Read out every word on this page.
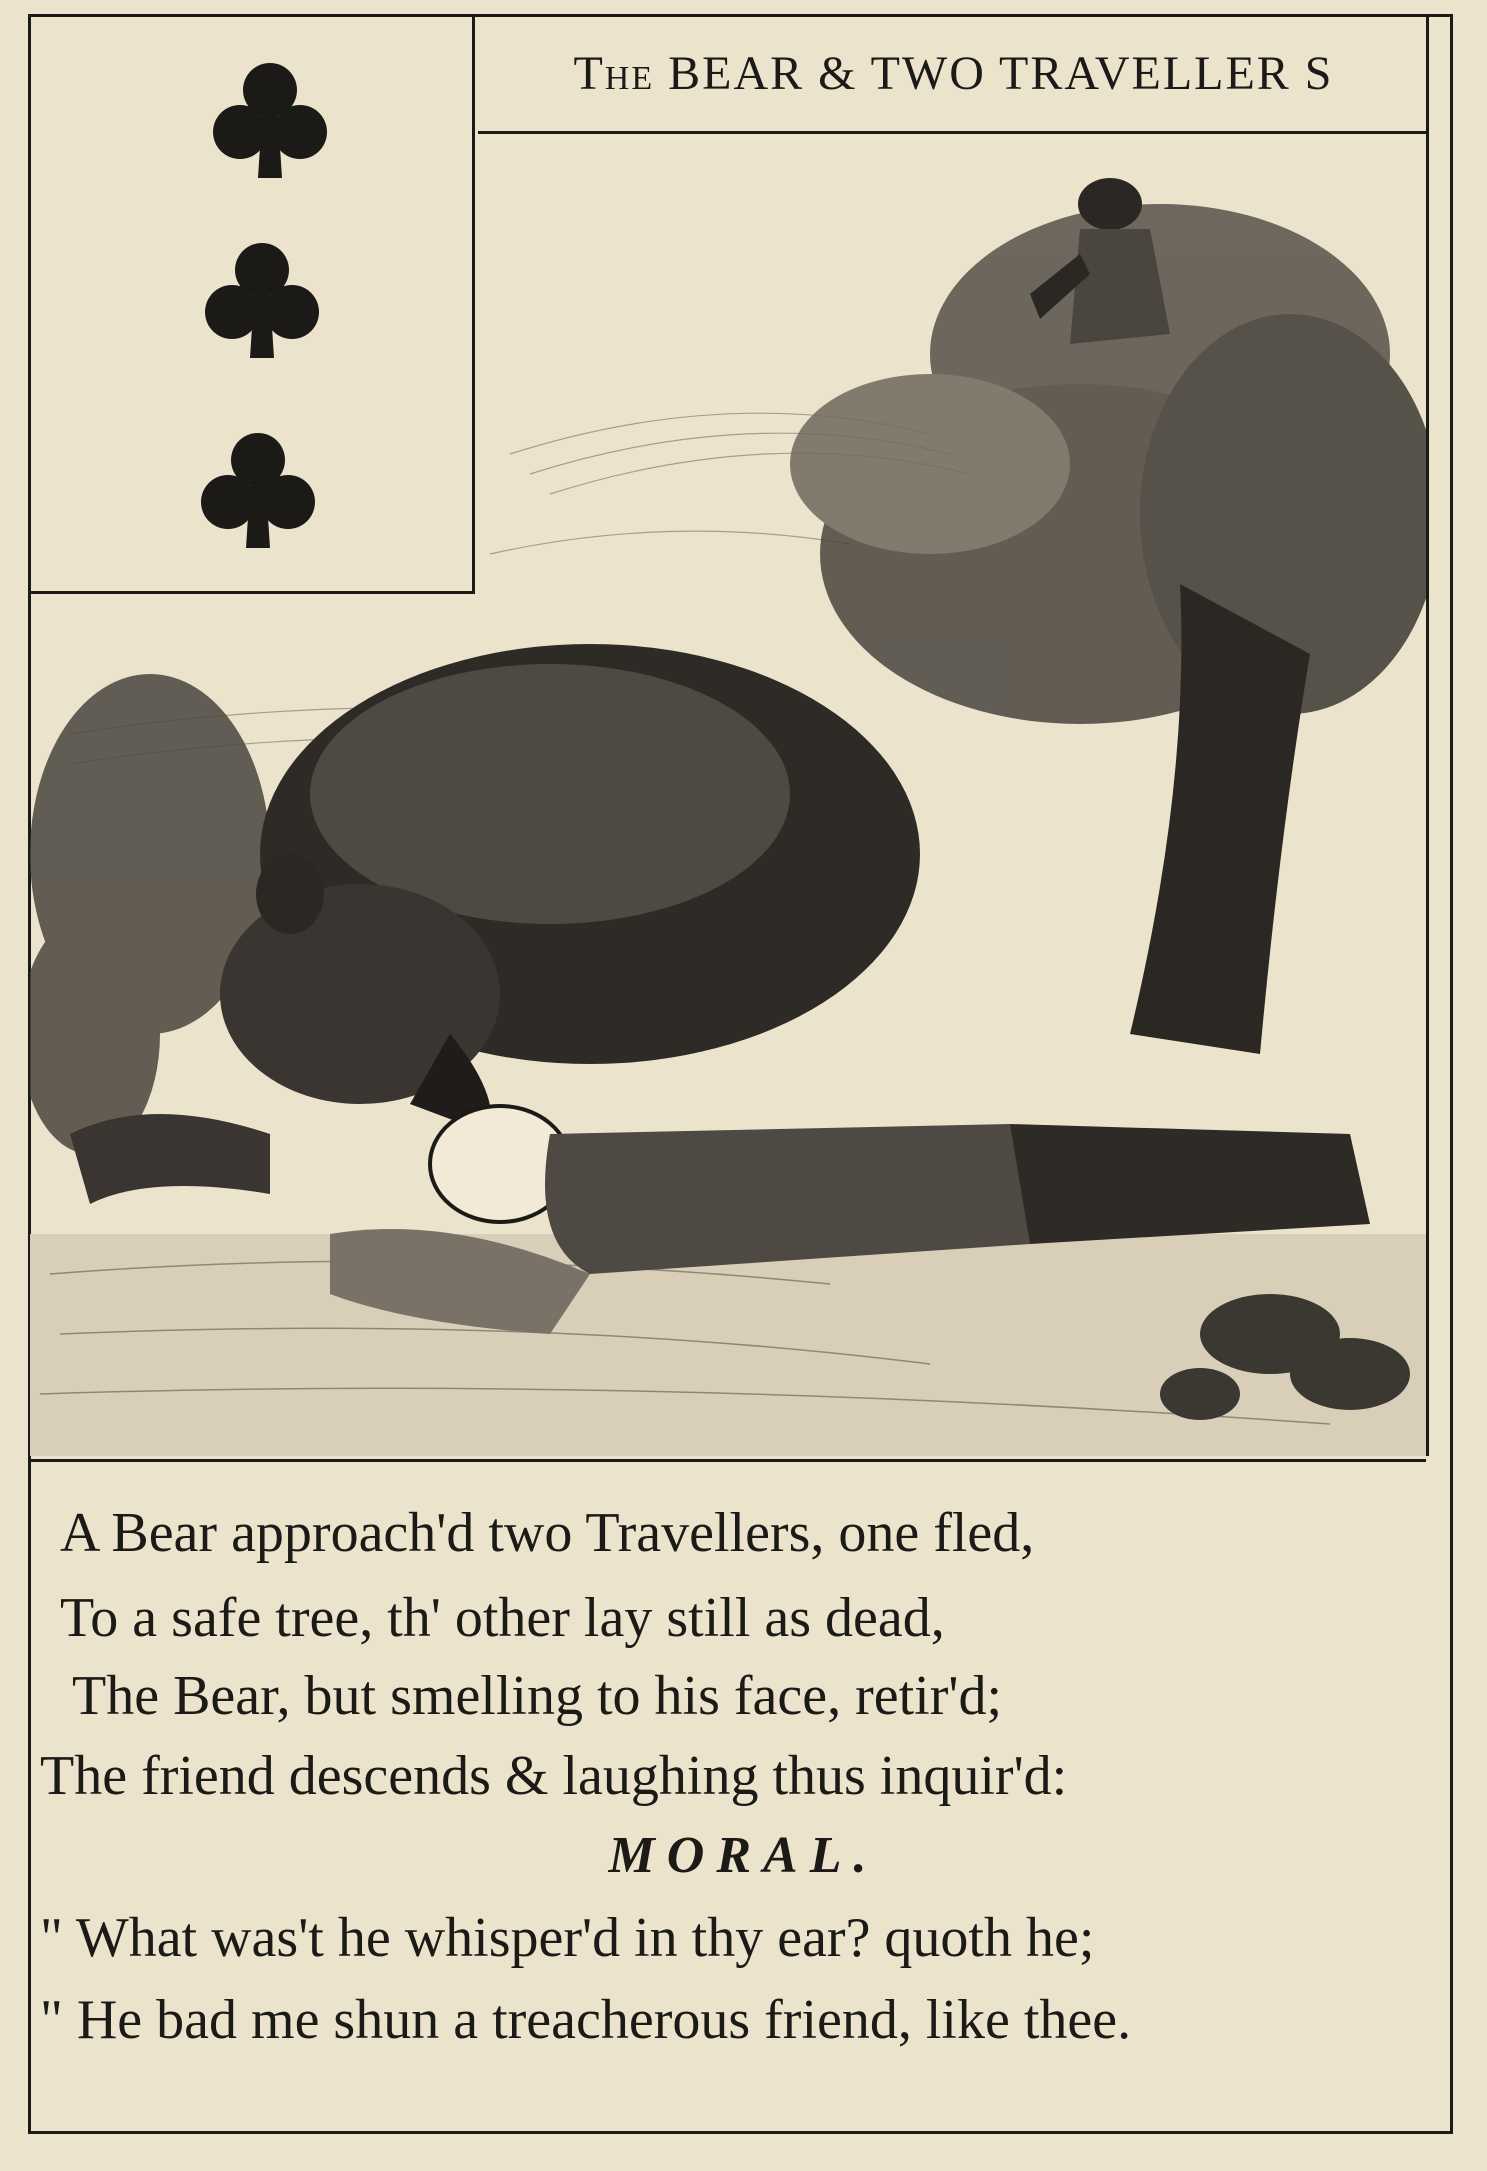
The BEAR & TWO TRAVELLER S
A Bear approach'd two Travellers, one fled,
To a safe tree, th' other lay still as dead,
The Bear, but smelling to his face, retir'd;
The friend descends & laughing thus inquir'd:
MORAL.
" What was't he whisper'd in thy ear? quoth he;
" He bad me shun a treacherous friend, like thee.
